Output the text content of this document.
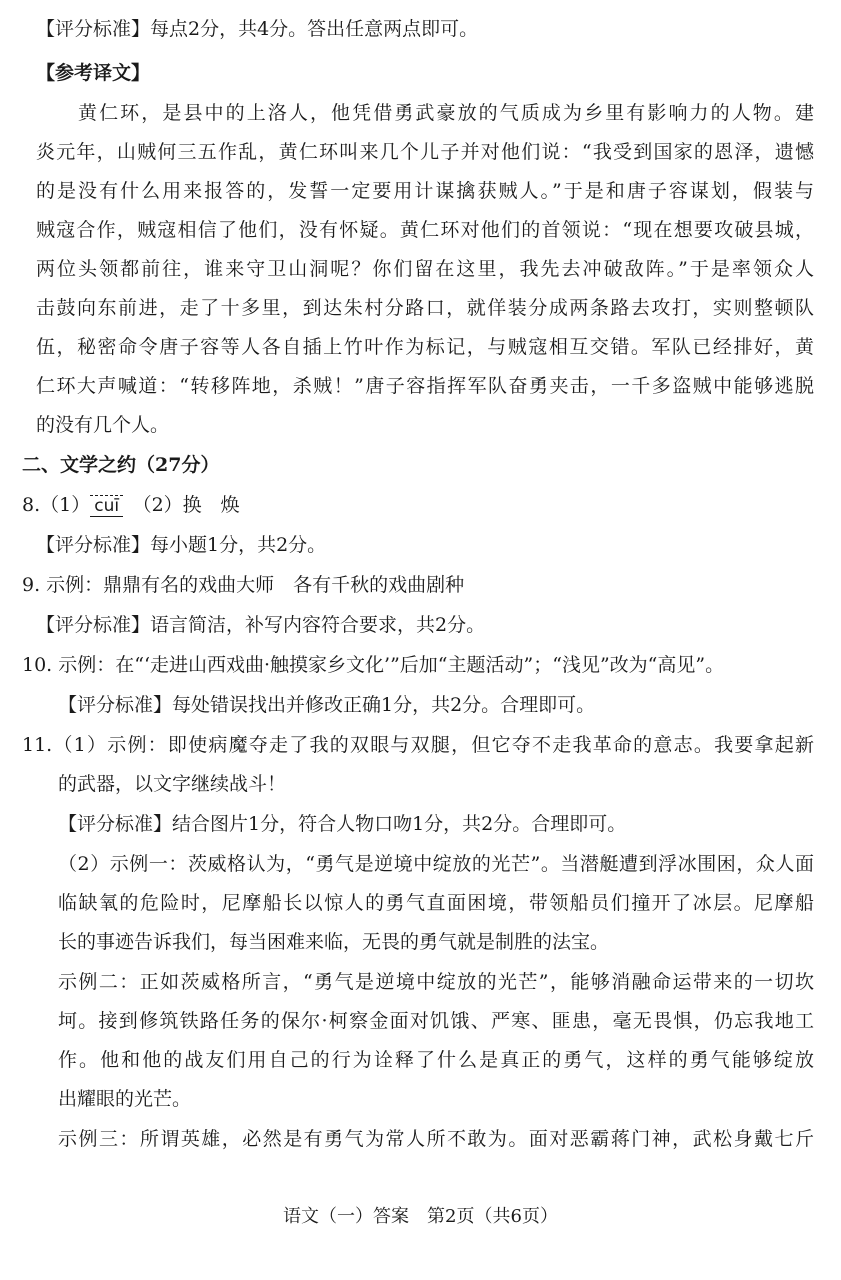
【评分标准】每点2分，共4分。答出任意两点即可。
【参考译文】
黄仁环，是县中的上洛人，他凭借勇武豪放的气质成为乡里有影响力的人物。建
炎元年，山贼何三五作乱，黄仁环叫来几个儿子并对他们说：“我受到国家的恩泽，遗憾
的是没有什么用来报答的，发誓一定要用计谋擒获贼人。”于是和唐子容谋划，假装与
贼寇合作，贼寇相信了他们，没有怀疑。黄仁环对他们的首领说：“现在想要攻破县城，
两位头领都前往，谁来守卫山洞呢？你们留在这里，我先去冲破敌阵。”于是率领众人
击鼓向东前进，走了十多里，到达朱村分路口，就佯装分成两条路去攻打，实则整顿队
伍，秘密命令唐子容等人各自插上竹叶作为标记，与贼寇相互交错。军队已经排好，黄
仁环大声喊道：“转移阵地，杀贼！”唐子容指挥军队奋勇夹击，一千多盗贼中能够逃脱
的没有几个人。
二、文学之约（27分）
8.（1） cuī　 （2）换　焕
【评分标准】每小题1分，共2分。
9. 示例：鼎鼎有名的戏曲大师　各有千秋的戏曲剧种
【评分标准】语言简洁，补写内容符合要求，共2分。
10. 示例：在“‘走进山西戏曲·触摸家乡文化’”后加“主题活动”；“浅见”改为“高见”。
【评分标准】每处错误找出并修改正确1分，共2分。合理即可。
11.（1）示例：即使病魔夺走了我的双眼与双腿，但它夺不走我革命的意志。我要拿起新
的武器，以文字继续战斗！
【评分标准】结合图片1分，符合人物口吻1分，共2分。合理即可。
（2）示例一：茨威格认为，“勇气是逆境中绽放的光芒”。当潜艇遭到浮冰围困，众人面
临缺氧的危险时，尼摩船长以惊人的勇气直面困境，带领船员们撞开了冰层。尼摩船
长的事迹告诉我们，每当困难来临，无畏的勇气就是制胜的法宝。
示例二：正如茨威格所言，“勇气是逆境中绽放的光芒”，能够消融命运带来的一切坎
坷。接到修筑铁路任务的保尔·柯察金面对饥饿、严寒、匪患，毫无畏惧，仍忘我地工
作。他和他的战友们用自己的行为诠释了什么是真正的勇气，这样的勇气能够绽放
出耀眼的光芒。
示例三：所谓英雄，必然是有勇气为常人所不敢为。面对恶霸蒋门神，武松身戴七斤
语文（一）答案　第2页（共6页）
